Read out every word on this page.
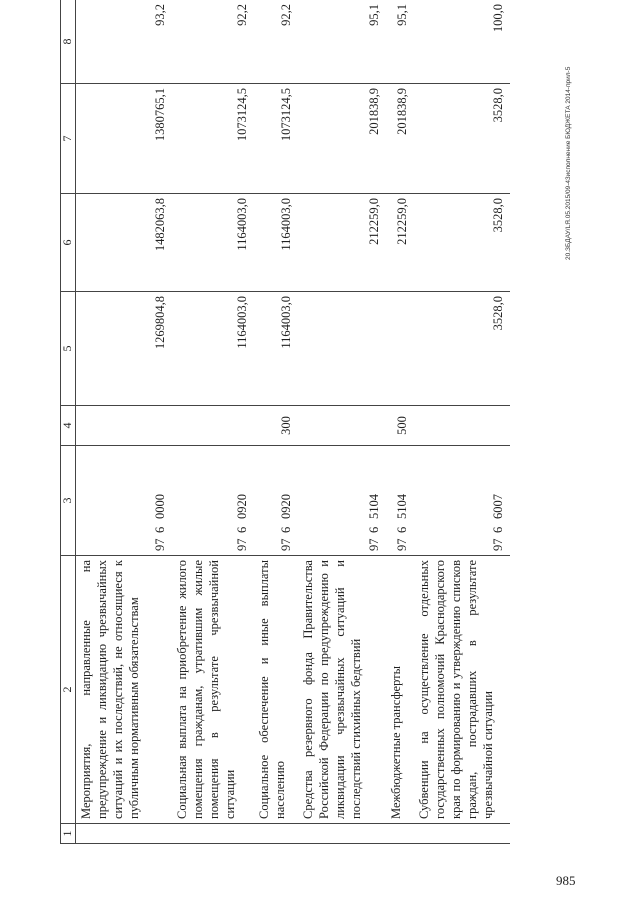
1	2	3	4	5	6	7	8
	Мероприятия, направленные на предупреждение и ликвидацию чрезвычайных ситуаций и их последствий, не относящиеся к публичным нормативным обязательствам	9760000		1269804,8	1482063,8	1380765,1	93,2
	Социальная выплата на приобретение жилого помещения гражданам, утратившим жилые помещения в результате чрезвычайной ситуации	9760920		1164003,0	1164003,0	1073124,5	92,2
	Социальное обеспечение и иные выплаты населению	9760920	300	1164003,0	1164003,0	1073124,5	92,2
	Средства резервного фонда Правительства Российской Федерации по предупреждению и ликвидации чрезвычайных ситуаций и последствий стихийных бедствий	9765104			212259,0	201838,9	95,1
	Межбюджетные трансферты	9765104	500		212259,0	201838,9	95,1
	Субвенции на осуществление отдельных государственных полномочий Краснодарского края по формированию и утверждению списков граждан, пострадавших в результате чрезвычайной ситуации	9766007		3528,0	3528,0	3528,0	100,0
20.ЗБДАУ/LЯ.05.2015/09-43исполнение БЮДЖЕТА 2014-прил-5
985
